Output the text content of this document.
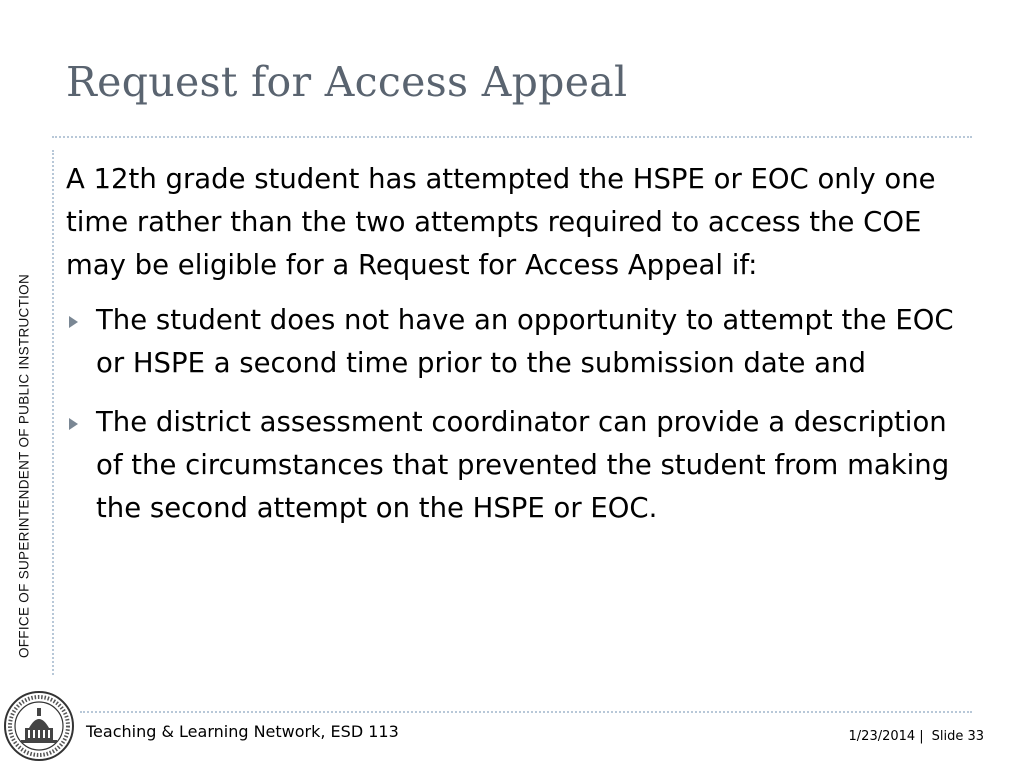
Request for Access Appeal
OFFICE OF SUPERINTENDENT OF PUBLIC INSTRUCTION

A 12th grade student has attempted the HSPE or EOC only one time rather than the two attempts required to access the COE may be eligible for a Request for Access Appeal if:

The student does not have an opportunity to attempt the EOC or HSPE a second time prior to the submission date and
The district assessment coordinator can provide a description of the circumstances that prevented the student from making the second attempt on the HSPE or EOC.
Teaching & Learning Network, ESD 113	1/23/2014 | Slide 33
